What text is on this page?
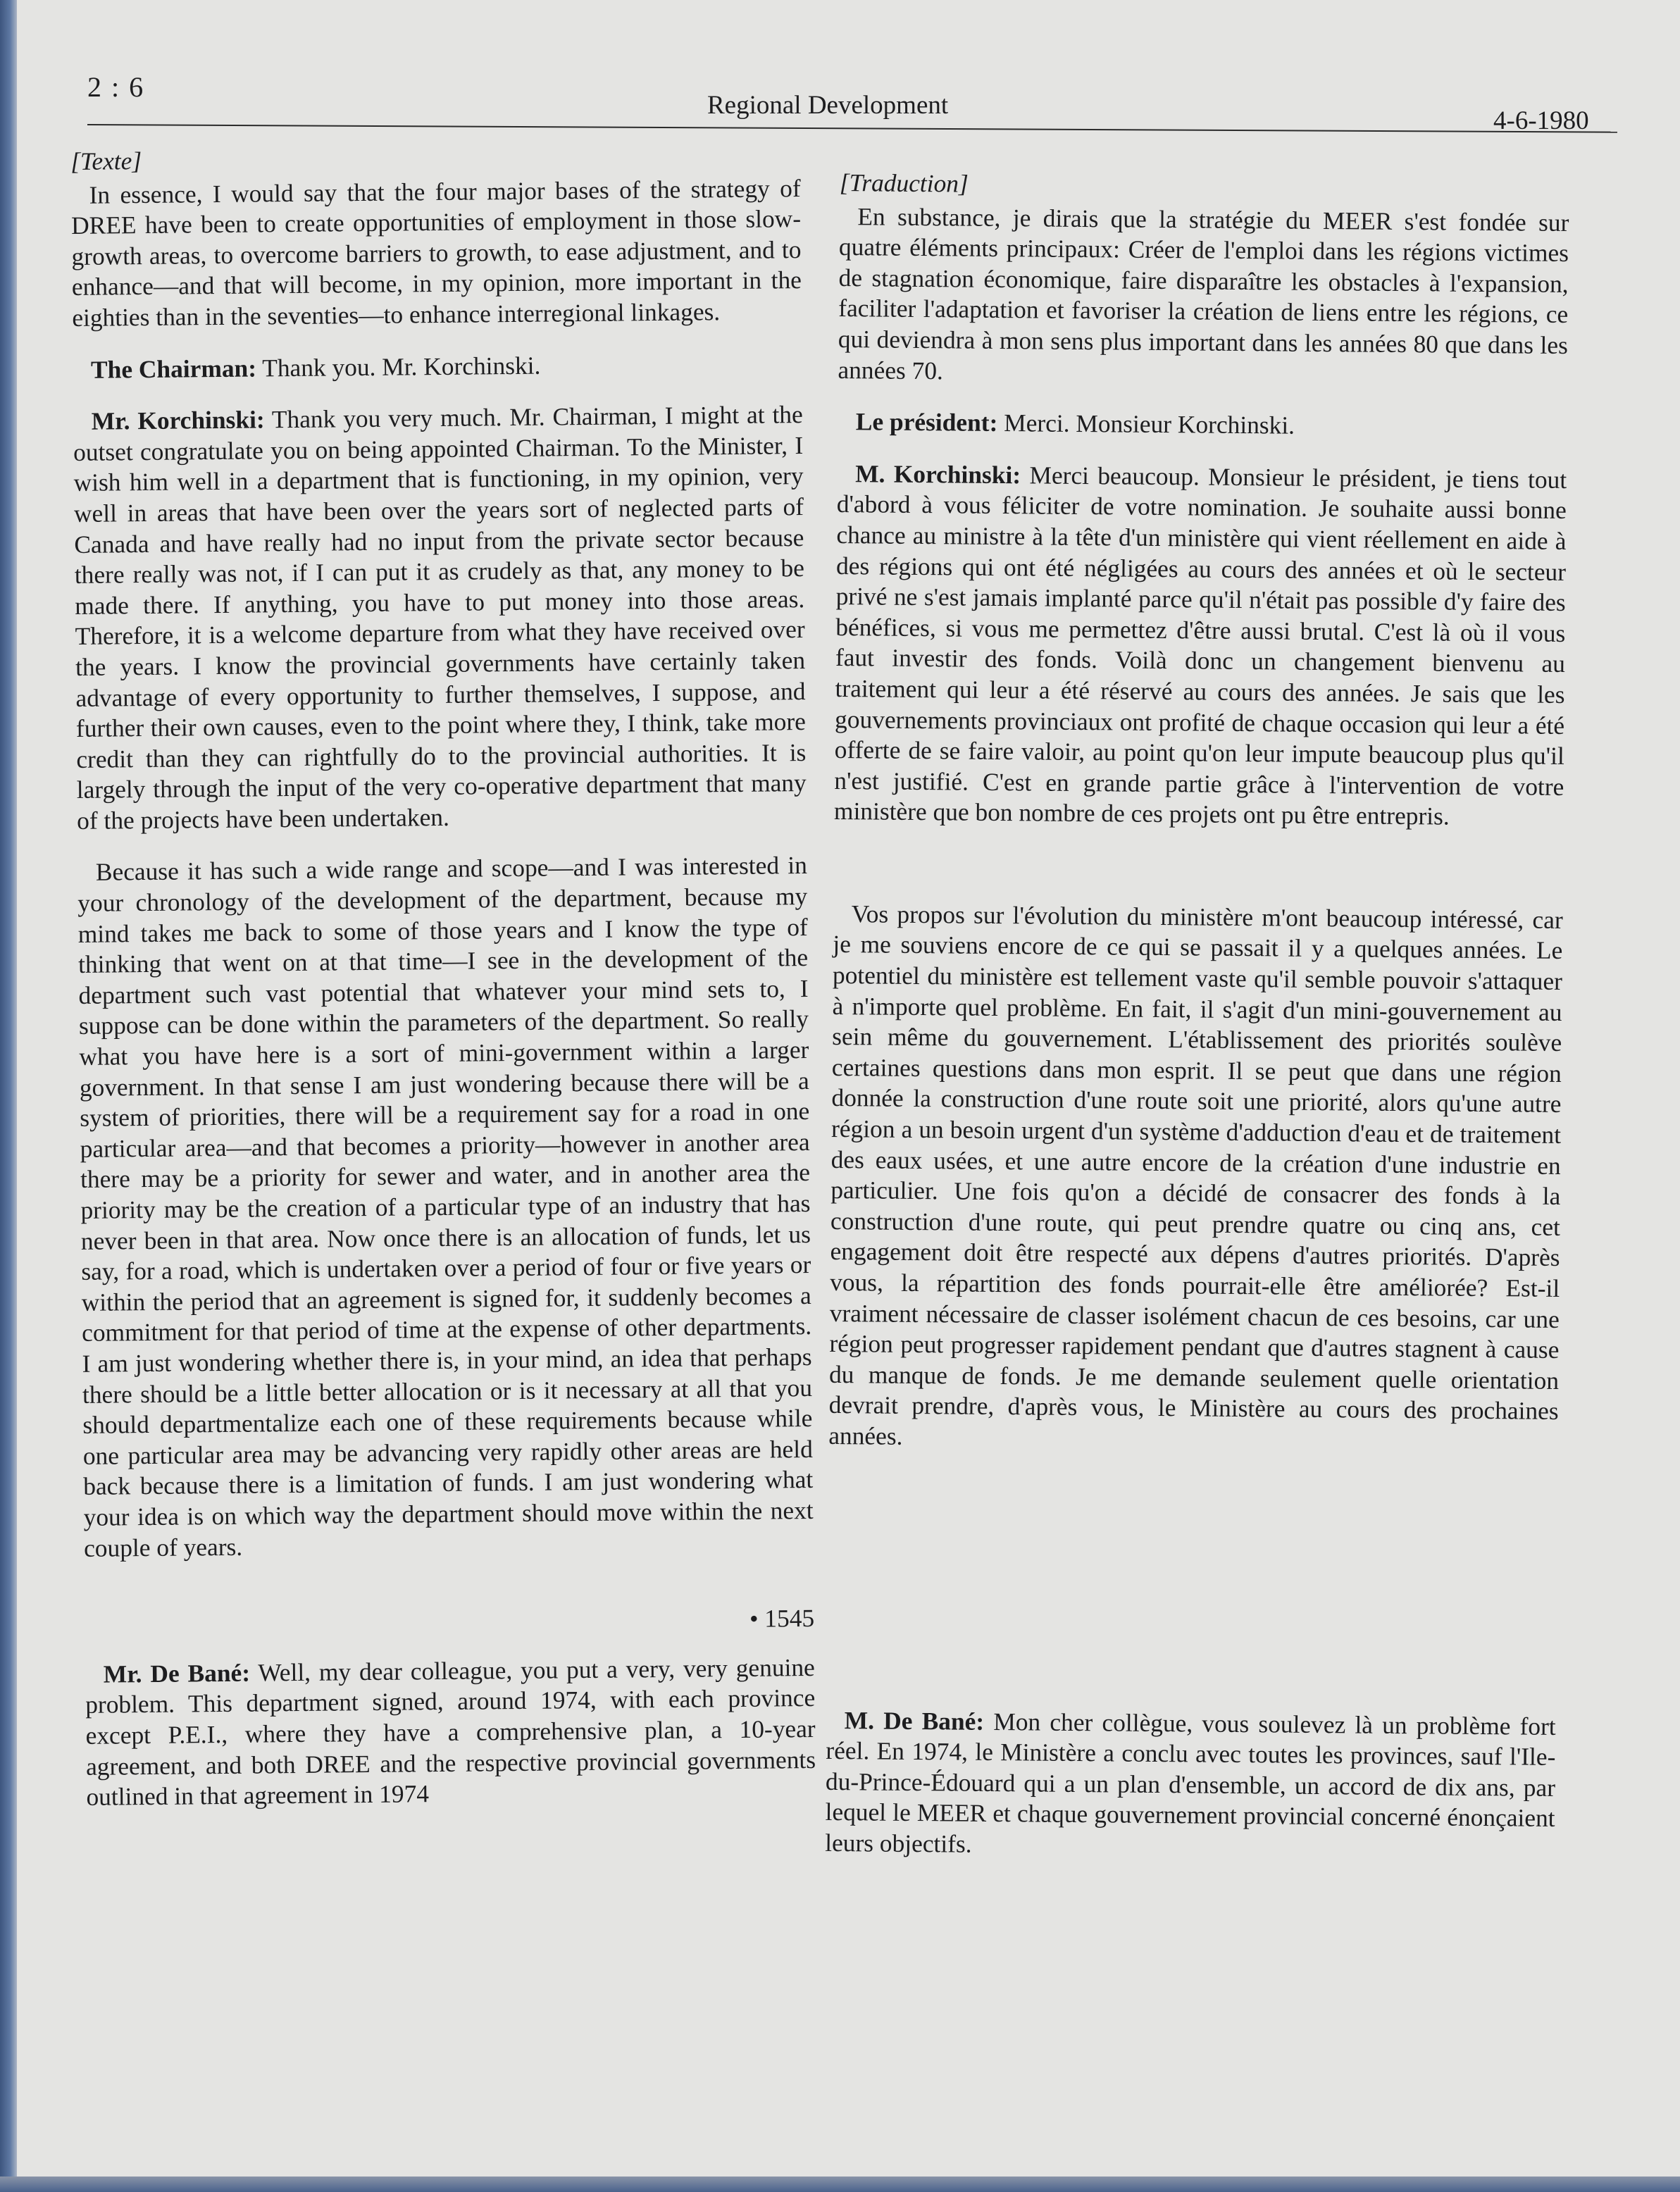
2 : 6
Regional Development
4-6-1980

[Texte]

In essence, I would say that the four major bases of the strategy of DREE have been to create opportunities of employment in those slow-growth areas, to overcome barriers to growth, to ease adjustment, and to enhance—and that will become, in my opinion, more important in the eighties than in the seventies—to enhance interregional linkages.

The Chairman: Thank you. Mr. Korchinski.

Mr. Korchinski: Thank you very much. Mr. Chairman, I might at the outset congratulate you on being appointed Chairman. To the Minister, I wish him well in a department that is functioning, in my opinion, very well in areas that have been over the years sort of neglected parts of Canada and have really had no input from the private sector because there really was not, if I can put it as crudely as that, any money to be made there. If anything, you have to put money into those areas. Therefore, it is a welcome departure from what they have received over the years. I know the provincial governments have certainly taken advantage of every opportunity to further themselves, I suppose, and further their own causes, even to the point where they, I think, take more credit than they can rightfully do to the provincial authorities. It is largely through the input of the very co-operative department that many of the projects have been undertaken.

Because it has such a wide range and scope—and I was interested in your chronology of the development of the department, because my mind takes me back to some of those years and I know the type of thinking that went on at that time—I see in the development of the department such vast potential that whatever your mind sets to, I suppose can be done within the parameters of the department. So really what you have here is a sort of mini-government within a larger government. In that sense I am just wondering because there will be a system of priorities, there will be a requirement say for a road in one particular area—and that becomes a priority—however in another area there may be a priority for sewer and water, and in another area the priority may be the creation of a particular type of an industry that has never been in that area. Now once there is an allocation of funds, let us say, for a road, which is undertaken over a period of four or five years or within the period that an agreement is signed for, it suddenly becomes a commitment for that period of time at the expense of other departments. I am just wondering whether there is, in your mind, an idea that perhaps there should be a little better allocation or is it necessary at all that you should departmentalize each one of these requirements because while one particular area may be advancing very rapidly other areas are held back because there is a limitation of funds. I am just wondering what your idea is on which way the department should move within the next couple of years.

• 1545

Mr. De Bané: Well, my dear colleague, you put a very, very genuine problem. This department signed, around 1974, with each province except P.E.I., where they have a comprehensive plan, a 10-year agreement, and both DREE and the respective provincial governments outlined in that agreement in 1974

[Traduction]

En substance, je dirais que la stratégie du MEER s'est fondée sur quatre éléments principaux: Créer de l'emploi dans les régions victimes de stagnation économique, faire disparaître les obstacles à l'expansion, faciliter l'adaptation et favoriser la création de liens entre les régions, ce qui deviendra à mon sens plus important dans les années 80 que dans les années 70.

Le président: Merci. Monsieur Korchinski.

M. Korchinski: Merci beaucoup. Monsieur le président, je tiens tout d'abord à vous féliciter de votre nomination. Je souhaite aussi bonne chance au ministre à la tête d'un ministère qui vient réellement en aide à des régions qui ont été négligées au cours des années et où le secteur privé ne s'est jamais implanté parce qu'il n'était pas possible d'y faire des bénéfices, si vous me permettez d'être aussi brutal. C'est là où il vous faut investir des fonds. Voilà donc un changement bienvenu au traitement qui leur a été réservé au cours des années. Je sais que les gouvernements provinciaux ont profité de chaque occasion qui leur a été offerte de se faire valoir, au point qu'on leur impute beaucoup plus qu'il n'est justifié. C'est en grande partie grâce à l'intervention de votre ministère que bon nombre de ces projets ont pu être entrepris.

Vos propos sur l'évolution du ministère m'ont beaucoup intéressé, car je me souviens encore de ce qui se passait il y a quelques années. Le potentiel du ministère est tellement vaste qu'il semble pouvoir s'attaquer à n'importe quel problème. En fait, il s'agit d'un mini-gouvernement au sein même du gouvernement. L'établissement des priorités soulève certaines questions dans mon esprit. Il se peut que dans une région donnée la construction d'une route soit une priorité, alors qu'une autre région a un besoin urgent d'un système d'adduction d'eau et de traitement des eaux usées, et une autre encore de la création d'une industrie en particulier. Une fois qu'on a décidé de consacrer des fonds à la construction d'une route, qui peut prendre quatre ou cinq ans, cet engagement doit être respecté aux dépens d'autres priorités. D'après vous, la répartition des fonds pourrait-elle être améliorée? Est-il vraiment nécessaire de classer isolément chacun de ces besoins, car une région peut progresser rapidement pendant que d'autres stagnent à cause du manque de fonds. Je me demande seulement quelle orientation devrait prendre, d'après vous, le Ministère au cours des prochaines années.

M. De Bané: Mon cher collègue, vous soulevez là un problème fort réel. En 1974, le Ministère a conclu avec toutes les provinces, sauf l'Ile-du-Prince-Édouard qui a un plan d'ensemble, un accord de dix ans, par lequel le MEER et chaque gouvernement provincial concerné énonçaient leurs objectifs.
